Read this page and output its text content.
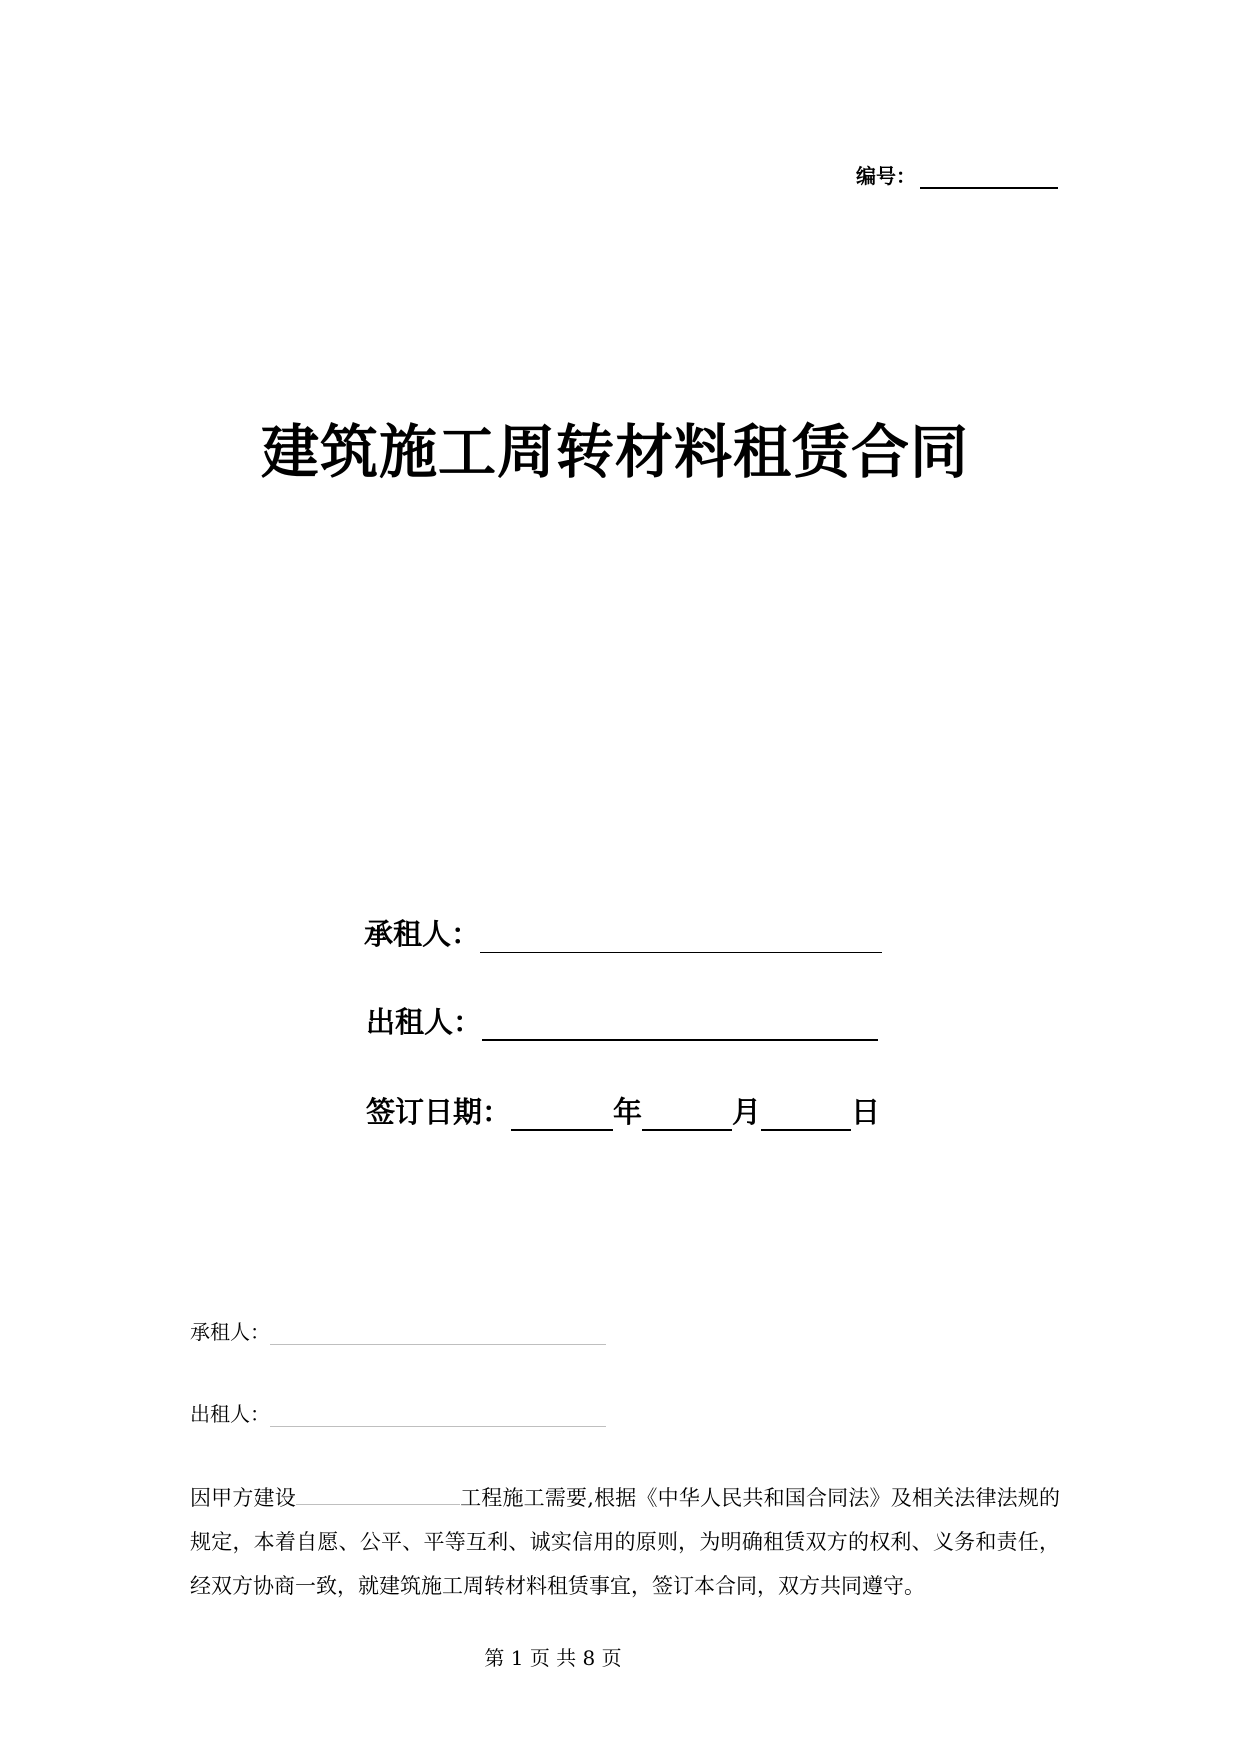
编号：
建筑施工周转材料租赁合同
承租人：
出租人：
签订日期：	年	月	日
承租人：
出租人：
因甲方建设	工程施工需要,根据《中华人民共和国合同法》及相关法律法规的规定，本着自愿、公平、平等互利、诚实信用的原则，为明确租赁双方的权利、义务和责任，经双方协商一致，就建筑施工周转材料租赁事宜，签订本合同，双方共同遵守。
第 1 页 共 8 页
